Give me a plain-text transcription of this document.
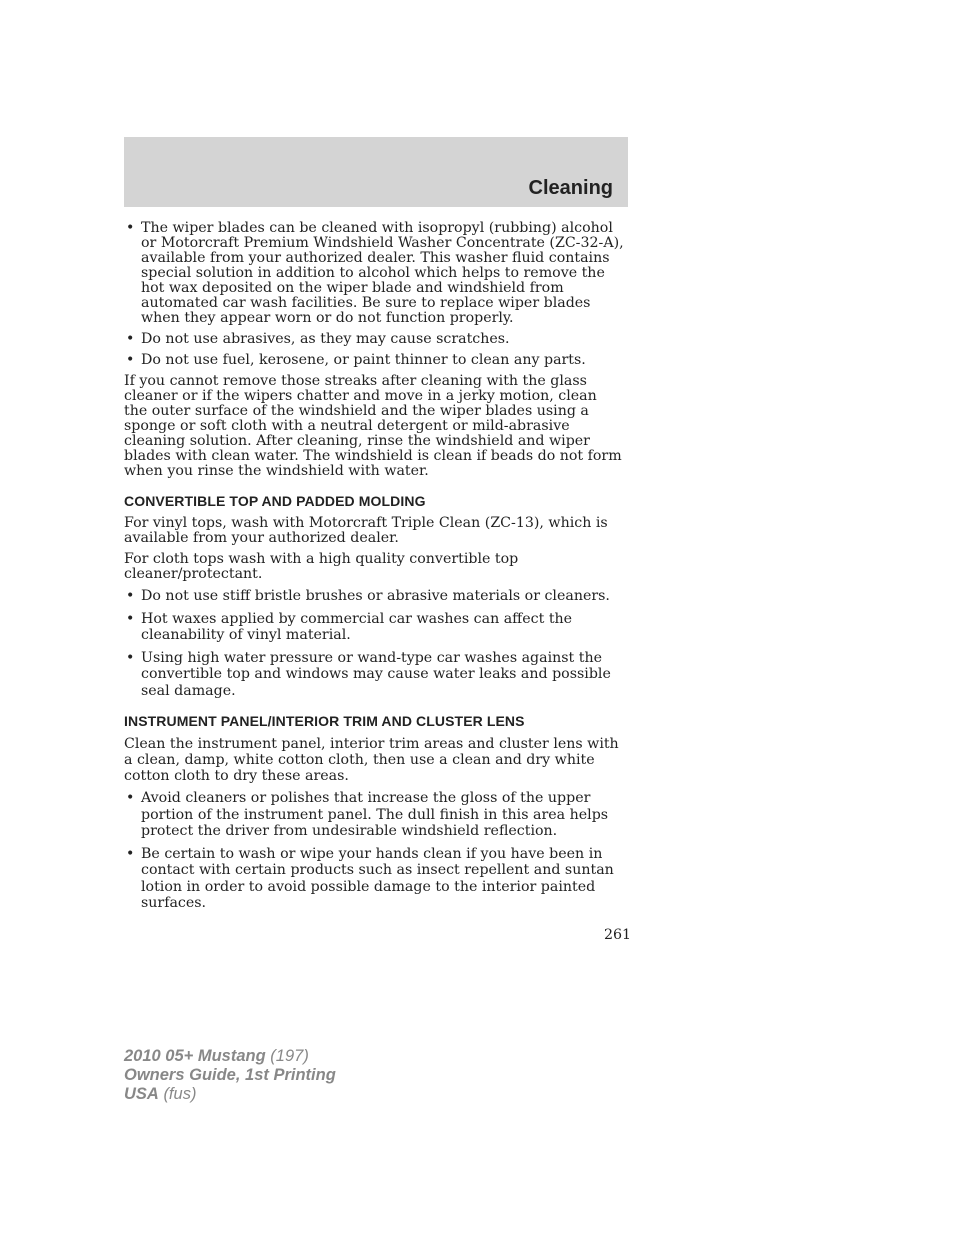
Cleaning
• The wiper blades can be cleaned with isopropyl (rubbing) alcohol or Motorcraft Premium Windshield Washer Concentrate (ZC-32-A), available from your authorized dealer. This washer fluid contains special solution in addition to alcohol which helps to remove the hot wax deposited on the wiper blade and windshield from automated car wash facilities. Be sure to replace wiper blades when they appear worn or do not function properly.
• Do not use abrasives, as they may cause scratches.
• Do not use fuel, kerosene, or paint thinner to clean any parts.

If you cannot remove those streaks after cleaning with the glass cleaner or if the wipers chatter and move in a jerky motion, clean the outer surface of the windshield and the wiper blades using a sponge or soft cloth with a neutral detergent or mild-abrasive cleaning solution. After cleaning, rinse the windshield and wiper blades with clean water. The windshield is clean if beads do not form when you rinse the windshield with water.

CONVERTIBLE TOP AND PADDED MOLDING

For vinyl tops, wash with Motorcraft Triple Clean (ZC-13), which is available from your authorized dealer.

For cloth tops wash with a high quality convertible top cleaner/protectant.

• Do not use stiff bristle brushes or abrasive materials or cleaners.
• Hot waxes applied by commercial car washes can affect the cleanability of vinyl material.
• Using high water pressure or wand-type car washes against the convertible top and windows may cause water leaks and possible seal damage.
INSTRUMENT PANEL/INTERIOR TRIM AND CLUSTER LENS

Clean the instrument panel, interior trim areas and cluster lens with a clean, damp, white cotton cloth, then use a clean and dry white cotton cloth to dry these areas.

• Avoid cleaners or polishes that increase the gloss of the upper portion of the instrument panel. The dull finish in this area helps protect the driver from undesirable windshield reflection.
• Be certain to wash or wipe your hands clean if you have been in contact with certain products such as insect repellent and suntan lotion in order to avoid possible damage to the interior painted surfaces.
261
2010 05+ Mustang (197)
Owners Guide, 1st Printing
USA (fus)
